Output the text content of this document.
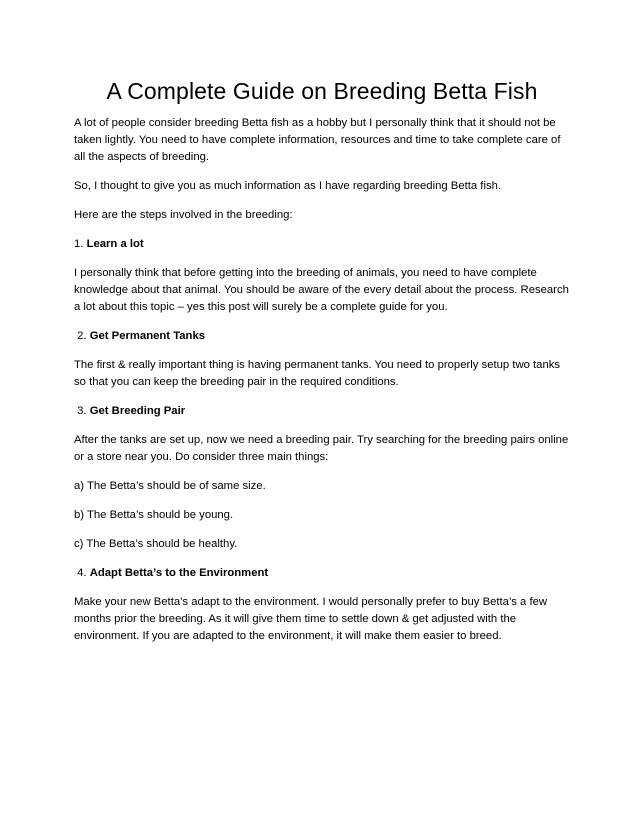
A Complete Guide on Breeding Betta Fish

A lot of people consider breeding Betta fish as a hobby but I personally think that it should not be taken lightly. You need to have complete information, resources and time to take complete care of all the aspects of breeding.

So, I thought to give you as much information as I have regarding breeding Betta fish.

Here are the steps involved in the breeding:

1. Learn a lot

I personally think that before getting into the breeding of animals, you need to have complete knowledge about that animal. You should be aware of the every detail about the process. Research a lot about this topic – yes this post will surely be a complete guide for you.

2. Get Permanent Tanks

The first & really important thing is having permanent tanks. You need to properly setup two tanks so that you can keep the breeding pair in the required conditions.

3. Get Breeding Pair

After the tanks are set up, now we need a breeding pair. Try searching for the breeding pairs online or a store near you. Do consider three main things:

a) The Betta’s should be of same size.

b) The Betta’s should be young.

c) The Betta’s should be healthy.

4. Adapt Betta’s to the Environment

Make your new Betta’s adapt to the environment. I would personally prefer to buy Betta’s a few months prior the breeding. As it will give them time to settle down & get adjusted with the environment. If you are adapted to the environment, it will make them easier to breed.
